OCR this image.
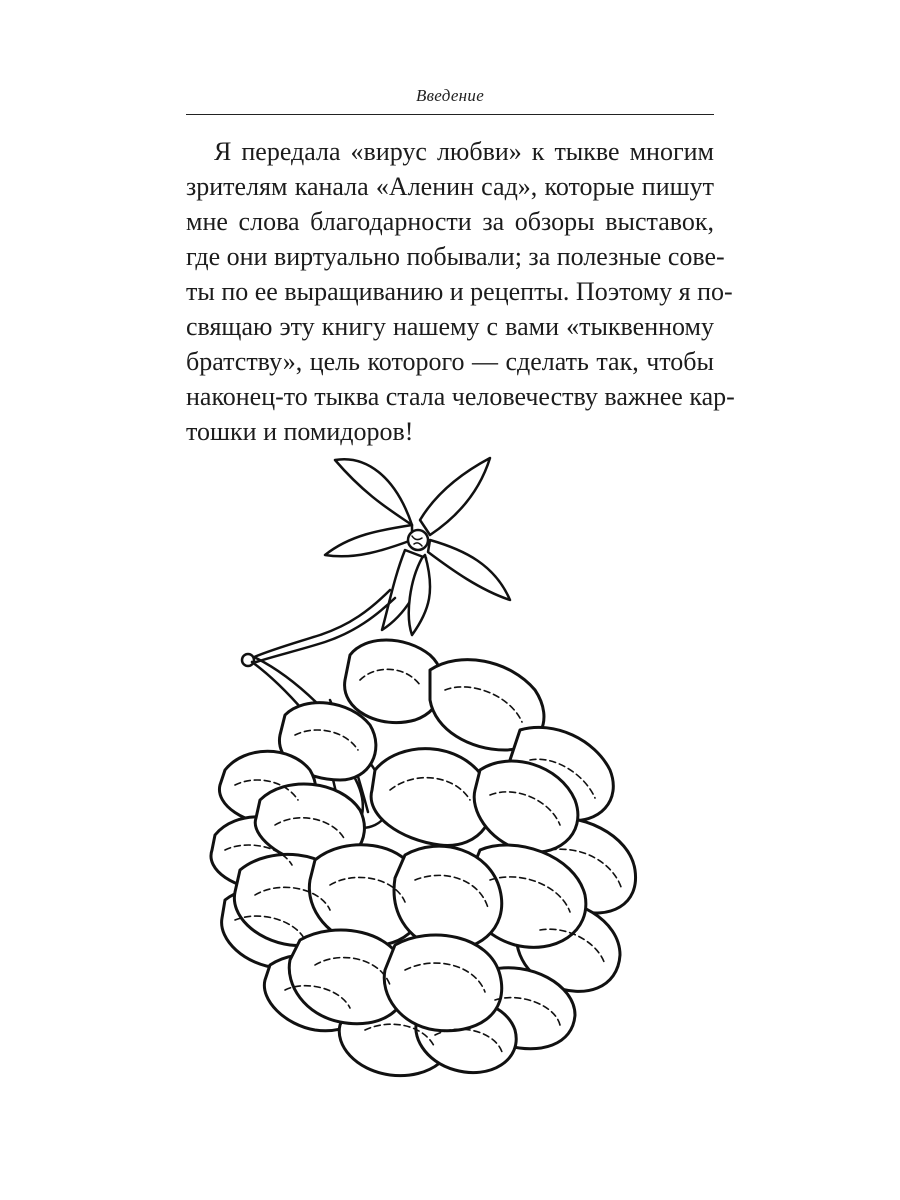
Введение
Я передала «вирус любви» к тыкве многим
зрителям канала «Аленин сад», которые пишут
мне слова благодарности за обзоры выставок,
где они виртуально побывали; за полезные сове-
ты по ее выращиванию и рецепты. Поэтому я по-
свящаю эту книгу нашему с вами «тыквенному
братству», цель которого — сделать так, чтобы
наконец-то тыква стала человечеству важнее кар-
тошки и помидоров!
